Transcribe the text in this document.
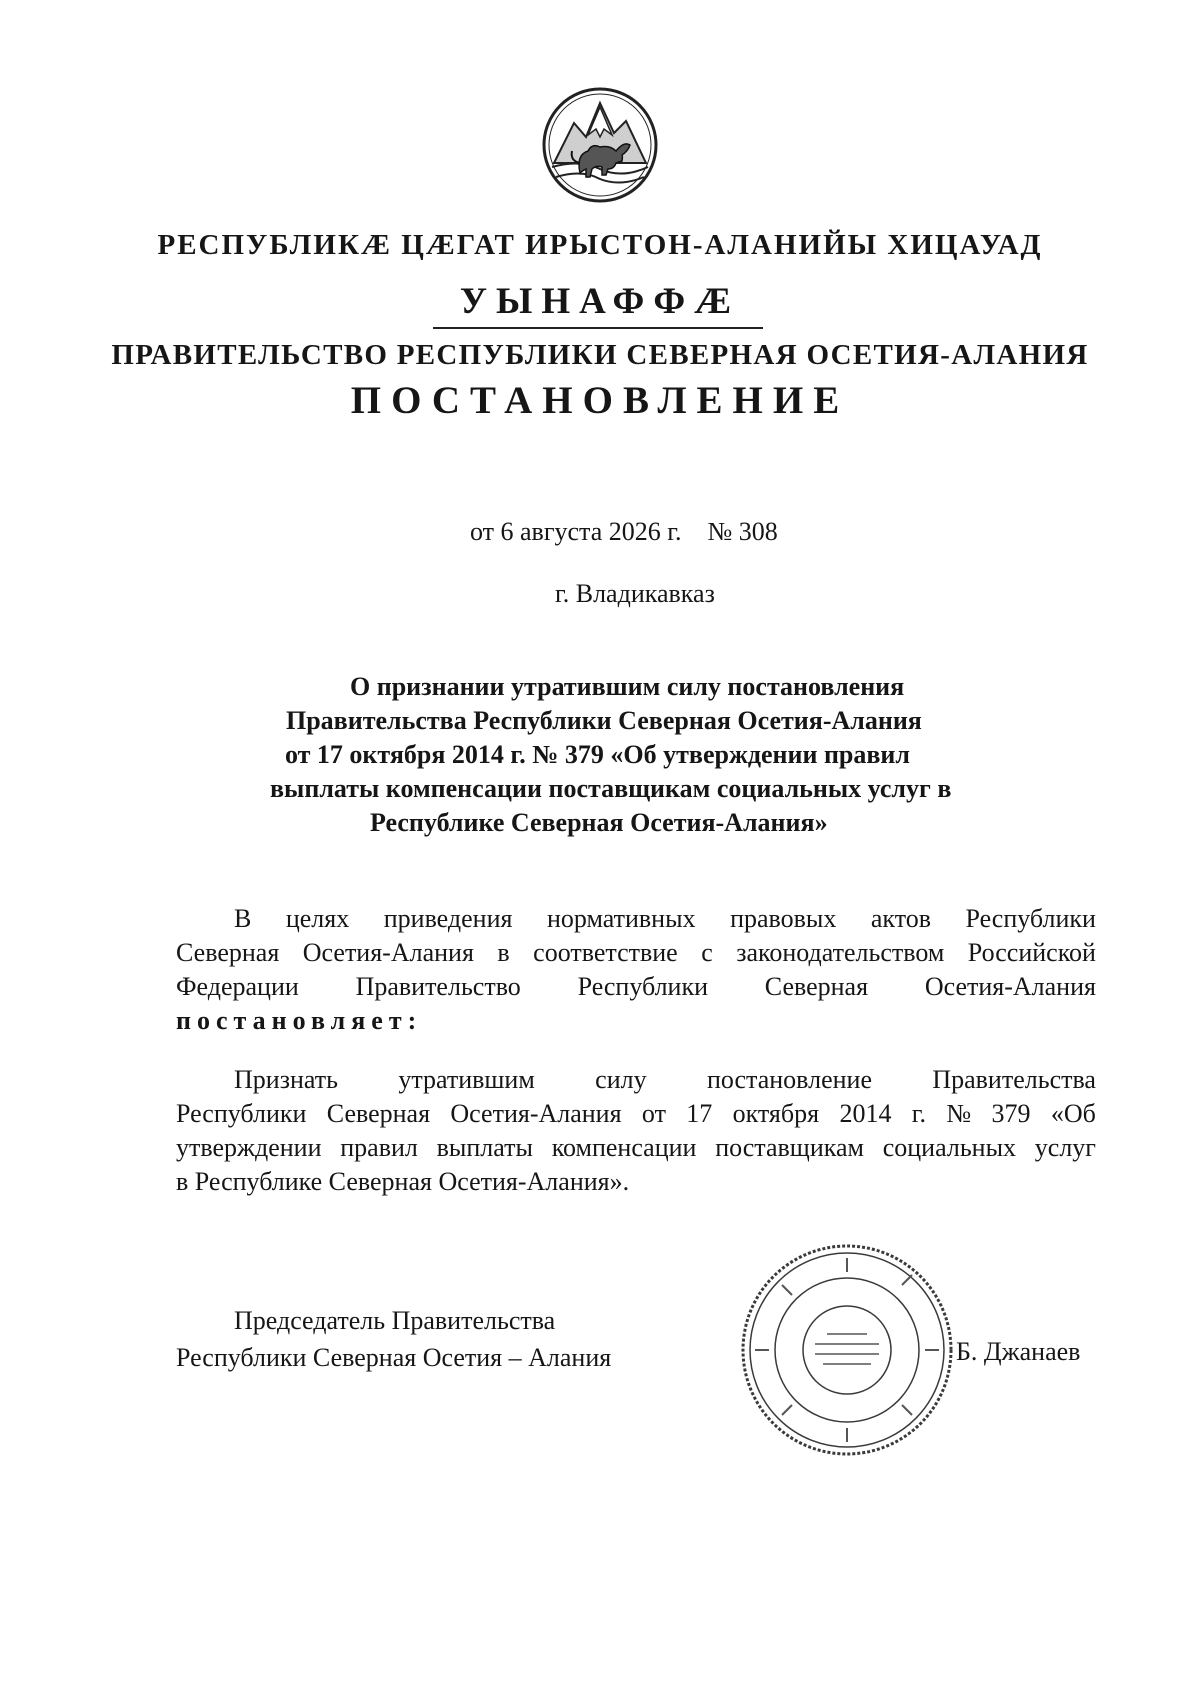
РЕСПУБЛИКÆ ЦÆГАТ ИРЫСТОН-АЛАНИЙЫ ХИЦАУАД
УЫНАФФÆ
ПРАВИТЕЛЬСТВО РЕСПУБЛИКИ СЕВЕРНАЯ ОСЕТИЯ-АЛАНИЯ
ПОСТАНОВЛЕНИЕ
от 6 августа 2026 г. № 308
г. Владикавказ
О признании утратившим силу постановления
Правительства Республики Северная Осетия-Алания
от 17 октября 2014 г. № 379 «Об утверждении правил
выплаты компенсации поставщикам социальных услуг в
Республике Северная Осетия-Алания»
В целях приведения нормативных правовых актов Республики
Северная Осетия-Алания в соответствие с законодательством Российской
Федерации Правительство Республики Северная Осетия-Алания
постановляет:
Признать утратившим силу постановление Правительства
Республики Северная Осетия-Алания от 17 октября 2014 г. № 379 «Об
утверждении правил выплаты компенсации поставщикам социальных услуг
в Республике Северная Осетия-Алания».
Председатель Правительства
Республики Северная Осетия – Алания	Б. Джанаев
